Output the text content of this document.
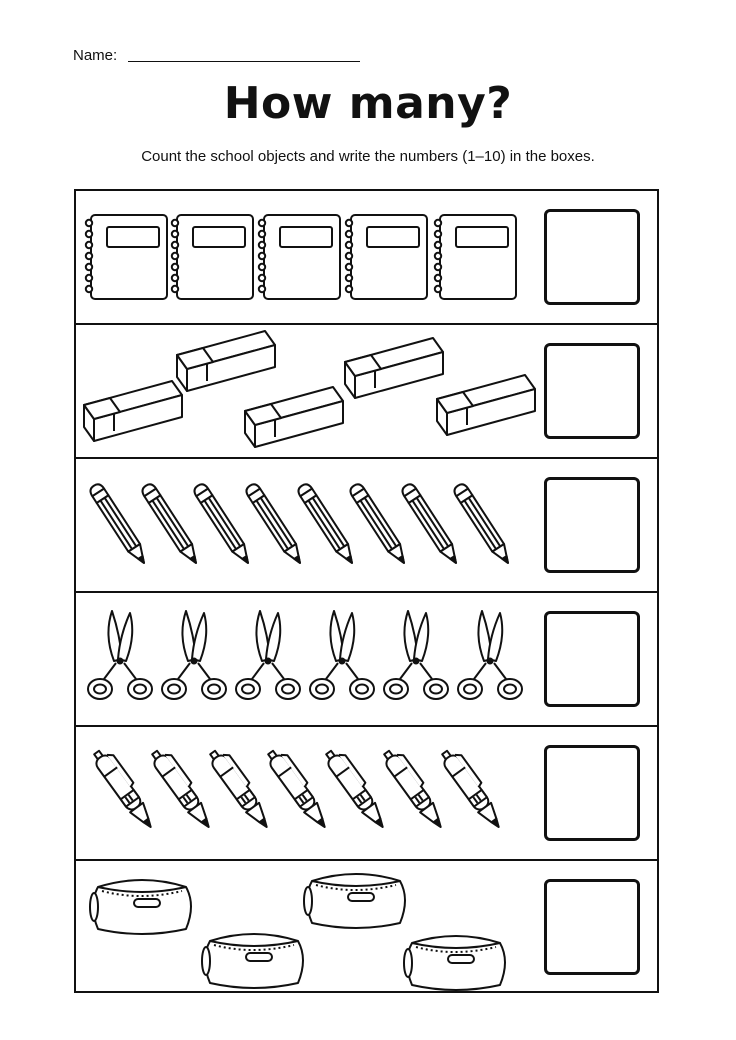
Name:
How many?
Count the school objects and write the numbers (1–10) in the boxes.
